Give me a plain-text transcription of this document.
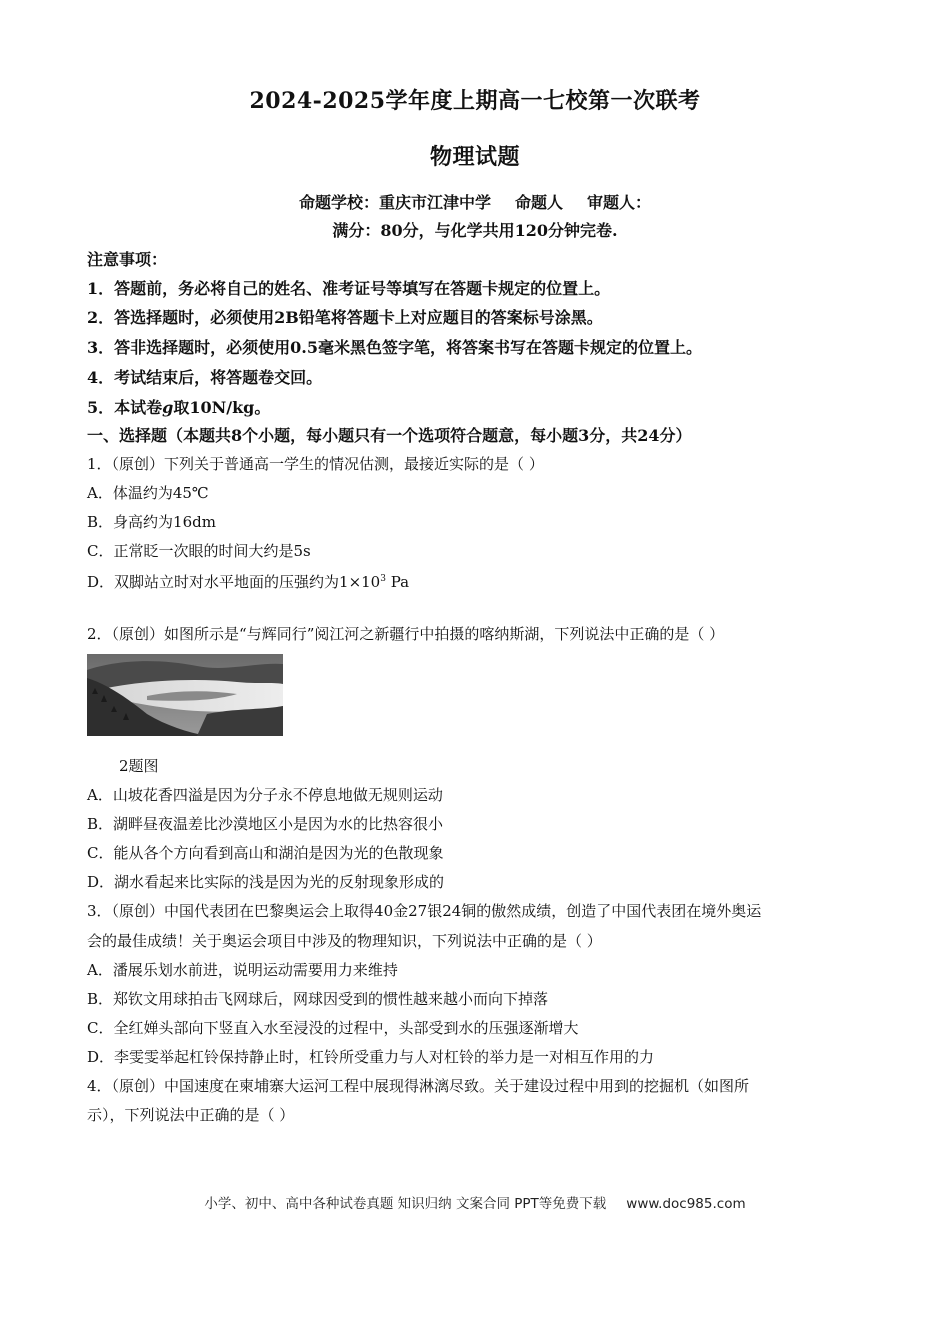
2024-2025学年度上期高一七校第一次联考
物理试题
命题学校：重庆市江津中学 命题人 审题人：
满分：80分，与化学共用120分钟完卷.
注意事项：
1．答题前，务必将自己的姓名、准考证号等填写在答题卡规定的位置上。
2．答选择题时，必须使用2B铅笔将答题卡上对应题目的答案标号涂黑。
3．答非选择题时，必须使用0.5毫米黑色签字笔，将答案书写在答题卡规定的位置上。
4．考试结束后，将答题卷交回。
5．本试卷g取10N/kg。
一、选择题（本题共8个小题，每小题只有一个选项符合题意，每小题3分，共24分）
1．（原创）下列关于普通高一学生的情况估测，最接近实际的是（ ）
A．体温约为45℃
B．身高约为16dm
C．正常眨一次眼的时间大约是5s
D．双脚站立时对水平地面的压强约为$1\times 10^3$ Pa
2．（原创）如图所示是“与辉同行”阅江河之新疆行中拍摄的喀纳斯湖，下列说法中正确的是（ ）
2题图
A．山坡花香四溢是因为分子永不停息地做无规则运动
B．湖畔昼夜温差比沙漠地区小是因为水的比热容很小
C．能从各个方向看到高山和湖泊是因为光的色散现象
D．湖水看起来比实际的浅是因为光的反射现象形成的
3．（原创）中国代表团在巴黎奥运会上取得40金27银24铜的傲然成绩，创造了中国代表团在境外奥运
会的最佳成绩！关于奥运会项目中涉及的物理知识，下列说法中正确的是（ ）
A．潘展乐划水前进，说明运动需要用力来维持
B．郑钦文用球拍击飞网球后，网球因受到的惯性越来越小而向下掉落
C．全红婵头部向下竖直入水至浸没的过程中，头部受到水的压强逐渐增大
D．李雯雯举起杠铃保持静止时，杠铃所受重力与人对杠铃的举力是一对相互作用的力
4．（原创）中国速度在柬埔寨大运河工程中展现得淋漓尽致。关于建设过程中用到的挖掘机（如图所
示），下列说法中正确的是（ ）
小学、初中、高中各种试卷真题 知识归纳 文案合同 PPT等免费下载 www.doc985.com
